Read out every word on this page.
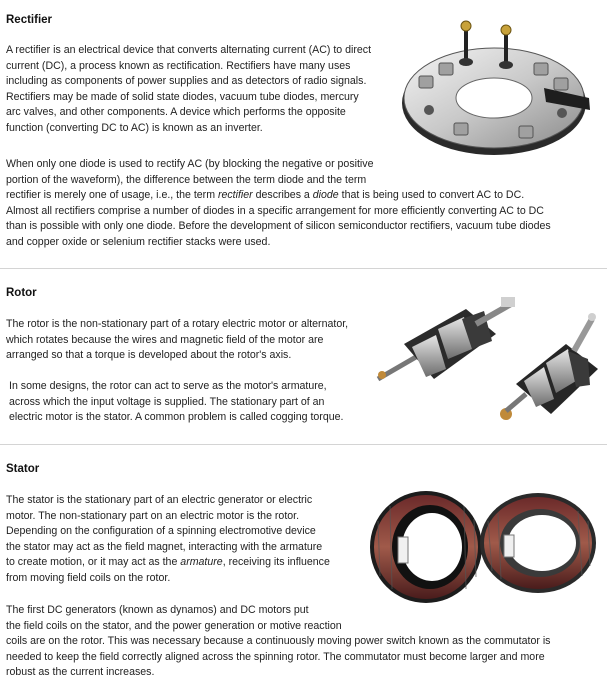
Rectifier
A rectifier is an electrical device that converts alternating current (AC) to direct
current (DC), a process known as rectification. Rectifiers have many uses
including as components of power supplies and as detectors of radio signals.
Rectifiers may be made of solid state diodes, vacuum tube diodes, mercury
arc valves, and other components. A device which performs the opposite
function (converting DC to AC) is known as an inverter.
When only one diode is used to rectify AC (by blocking the negative or positive
portion of the waveform), the difference between the term diode and the term
rectifier is merely one of usage, i.e., the term rectifier describes a diode that is being used to convert AC to DC.
Almost all rectifiers comprise a number of diodes in a specific arrangement for more efficiently converting AC to DC
than is possible with only one diode. Before the development of silicon semiconductor rectifiers, vacuum tube diodes
and copper oxide or selenium rectifier stacks were used.
Rotor
The rotor is the non-stationary part of a rotary electric motor or alternator,
which rotates because the wires and magnetic field of the motor are
arranged so that a torque is developed about the rotor's axis.
In some designs, the rotor can act to serve as the motor's armature,
across which the input voltage is supplied. The stationary part of an
electric motor is the stator. A common problem is called cogging torque.
Stator
The stator is the stationary part of an electric generator or electric
motor. The non-stationary part on an electric motor is the rotor.
Depending on the configuration of a spinning electromotive device
the stator may act as the field magnet, interacting with the armature
to create motion, or it may act as the armature, receiving its influence
from moving field coils on the rotor.
The first DC generators (known as dynamos) and DC motors put
the field coils on the stator, and the power generation or motive reaction
coils are on the rotor. This was necessary because a continuously moving power switch known as the commutator is
needed to keep the field correctly aligned across the spinning rotor. The commutator must become larger and more
robust as the current increases.
